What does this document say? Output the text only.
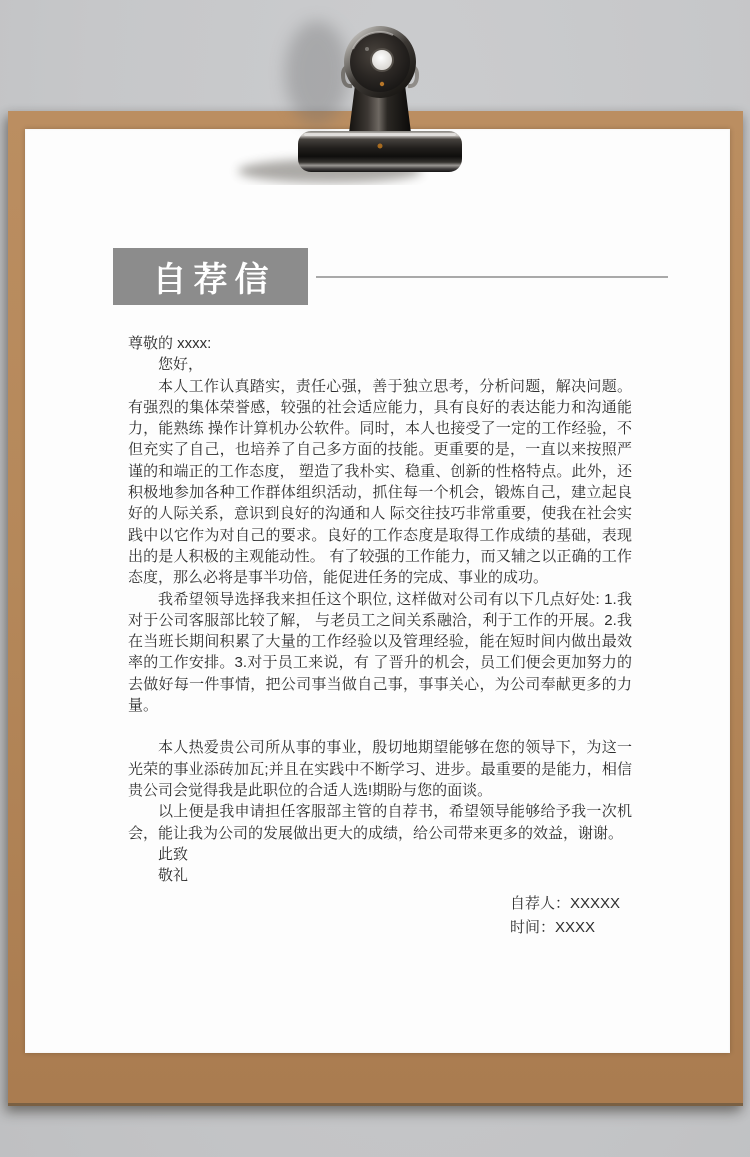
自荐信

尊敬的 xxxx:

您好，

本人工作认真踏实，责任心强，善于独立思考，分析问题，解决问题。有强烈的集体荣誉感，较强的社会适应能力，具有良好的表达能力和沟通能力，能熟练 操作计算机办公软件。同时，本人也接受了一定的工作经验，不但充实了自己，也培养了自己多方面的技能。更重要的是，一直以来按照严谨的和端正的工作态度， 塑造了我朴实、稳重、创新的性格特点。此外，还积极地参加各种工作群体组织活动，抓住每一个机会，锻炼自己，建立起良好的人际关系，意识到良好的沟通和人 际交往技巧非常重要，使我在社会实践中以它作为对自己的要求。良好的工作态度是取得工作成绩的基础，表现出的是人积极的主观能动性。 有了较强的工作能力，而又辅之以正确的工作态度，那么必将是事半功倍，能促进任务的完成、事业的成功。

我希望领导选择我来担任这个职位, 这样做对公司有以下几点好处: 1.我对于公司客服部比较了解， 与老员工之间关系融洽，利于工作的开展。2.我在当班长期间积累了大量的工作经验以及管理经验，能在短时间内做出最效率的工作安排。3.对于员工来说，有 了晋升的机会，员工们便会更加努力的去做好每一件事情，把公司事当做自己事，事事关心，为公司奉献更多的力量。

本人热爱贵公司所从事的事业，殷切地期望能够在您的领导下，为这一光荣的事业添砖加瓦;并且在实践中不断学习、进步。最重要的是能力，相信贵公司会觉得我是此职位的合适人选!期盼与您的面谈。

以上便是我申请担任客服部主管的自荐书，希望领导能够给予我一次机会，能让我为公司的发展做出更大的成绩，给公司带来更多的效益，谢谢。

此致

敬礼

自荐人：XXXXX

时间：XXXX
